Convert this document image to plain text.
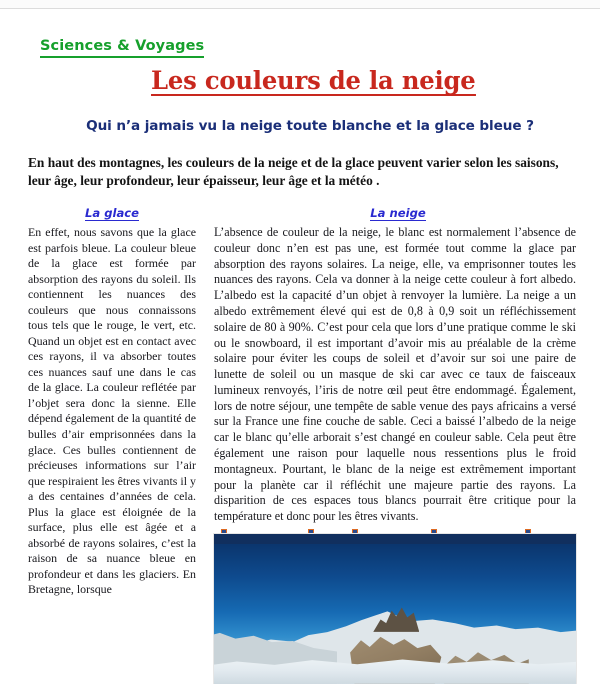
Sciences & Voyages
Les couleurs de la neige
Qui n’a jamais vu la neige toute blanche et la glace bleue ?
En haut des montagnes, les couleurs de la neige et de la glace peuvent varier selon les saisons, leur âge, leur profondeur, leur épaisseur, leur âge et la météo .
La glace
En effet, nous savons que la glace est parfois bleue. La couleur bleue de la glace est formée par absorption des rayons du soleil. Ils contiennent les nuances des couleurs que nous connaissons tous tels que le rouge, le vert, etc. Quand un objet est en contact avec ces rayons, il va absorber toutes ces nuances sauf une dans le cas de la glace. La couleur reflétée par l’objet sera donc la sienne. Elle dépend également de la quantité de bulles d’air emprisonnées dans la glace. Ces bulles contiennent de précieuses informations sur l’air que respiraient les êtres vivants il y a des centaines d’années de cela. Plus la glace est éloignée de la surface, plus elle est âgée et a absorbé de rayons solaires, c’est la raison de sa nuance bleue en profondeur et dans les glaciers. En Bretagne, lorsque
La neige
L’absence de couleur de la neige, le blanc est normalement l’absence de couleur donc n’en est pas une, est formée tout comme la glace par absorption des rayons solaires. La neige, elle, va emprisonner toutes les nuances des rayons. Cela va donner à la neige cette couleur à fort albedo. L’albedo est la capacité d’un objet à renvoyer la lumière. La neige a un albedo extrêmement élevé qui est de 0,8 à 0,9 soit un réfléchissement solaire de 80 à 90%. C’est pour cela que lors d’une pratique comme le ski ou le snowboard, il est important d’avoir mis au préalable de la crème solaire pour éviter les coups de soleil et d’avoir sur soi une paire de lunette de soleil ou un masque de ski car avec ce taux de faisceaux lumineux renvoyés, l’iris de notre œil peut être endommagé. Également, lors de notre séjour, une tempête de sable venue des pays africains a versé sur la France une fine couche de sable. Ceci a baissé l’albedo de la neige car le blanc qu’elle arborait s’est changé en couleur sable. Cela peut être également une raison pour laquelle nous ressentions plus le froid montagneux. Pourtant, le blanc de la neige est extrêmement important pour la planète car il réfléchit une majeure partie des rayons. La disparition de ces espaces tous blancs pourrait être critique pour la température et donc pour les êtres vivants.
